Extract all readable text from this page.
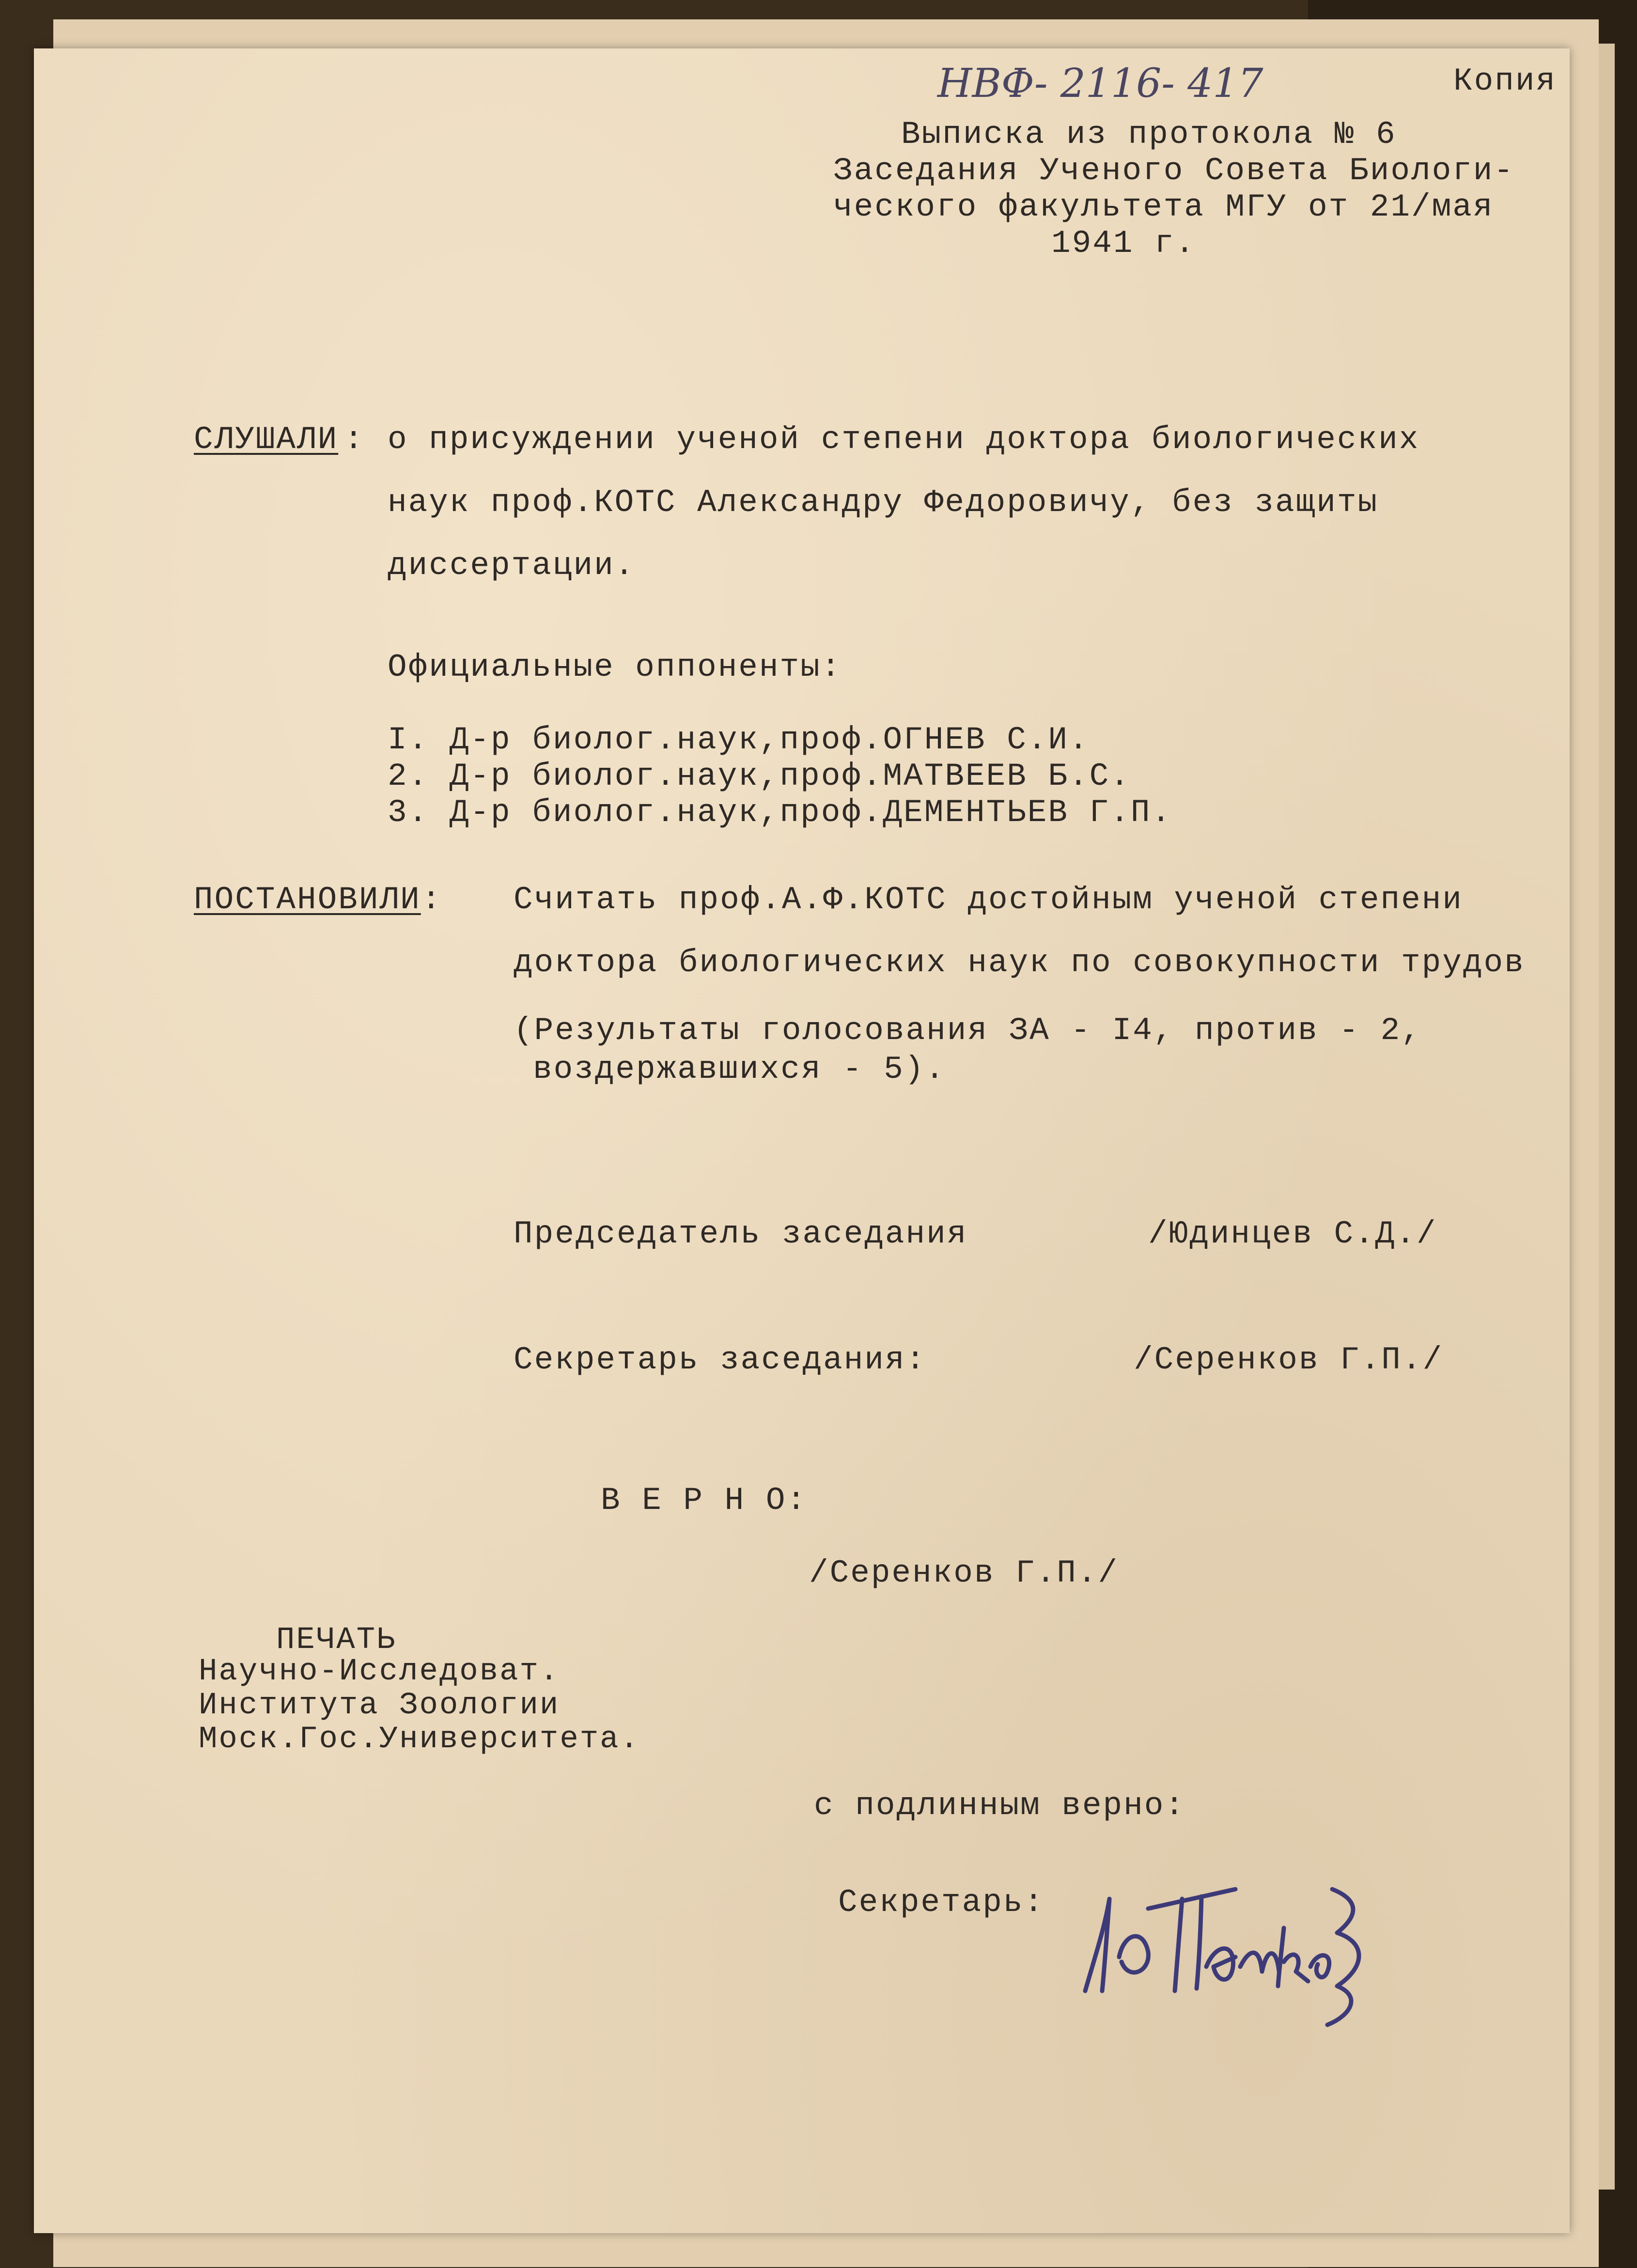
НВФ- 2116- 417	Копия
Выписка из протокола № 6
Заседания Ученого Совета Биологи-
ческого факультета МГУ от 21/мая
1941 г.
СЛУШАЛИ : о присуждении ученой степени доктора биологических
наук проф.КОТС Александру Федоровичу, без защиты
диссертации.
Официальные оппоненты:
I. Д-р биолог.наук,проф.ОГНЕВ С.И.
2. Д-р биолог.наук,проф.МАТВЕЕВ Б.С.
3. Д-р биолог.наук,проф.ДЕМЕНТЬЕВ Г.П.
ПОСТАНОВИЛИ : Считать проф.А.Ф.КОТС достойным ученой степени
доктора биологических наук по совокупности трудов
(Результаты голосования ЗА - I4, против - 2,
воздержавшихся - 5).
Председатель заседания	/Юдинцев С.Д./
Секретарь заседания:	/Серенков Г.П./
В Е Р Н О:
/Серенков Г.П./
ПЕЧАТЬ
Научно-Исследоват.
Института Зоологии
Моск.Гос.Университета.
с подлинным верно:
Секретарь:
